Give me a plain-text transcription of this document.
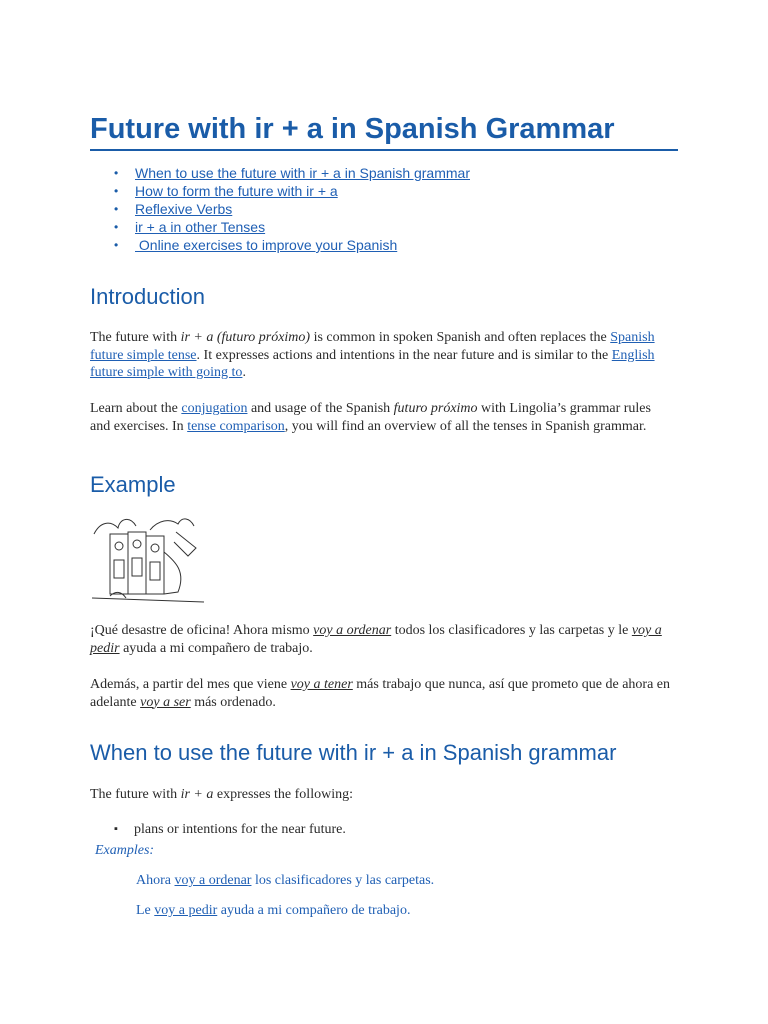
Future with ir + a in Spanish Grammar
• When to use the future with ir + a in Spanish grammar
• How to form the future with ir + a
• Reflexive Verbs
• ir + a in other Tenses
•  Online exercises to improve your Spanish
Introduction

The future with ir + a (futuro próximo) is common in spoken Spanish and often replaces the Spanish future simple tense. It expresses actions and intentions in the near future and is similar to the English future simple with going to.

Learn about the conjugation and usage of the Spanish futuro próximo with Lingolia’s grammar rules and exercises. In tense comparison, you will find an overview of all the tenses in Spanish grammar.

Example

¡Qué desastre de oficina! Ahora mismo voy a ordenar todos los clasificadores y las carpetas y le voy a pedir ayuda a mi compañero de trabajo.

Además, a partir del mes que viene voy a tener más trabajo que nunca, así que prometo que de ahora en adelante voy a ser más ordenado.

When to use the future with ir + a in Spanish grammar

The future with ir + a expresses the following:

▪ plans or intentions for the near future.
Examples:
Ahora voy a ordenar los clasificadores y las carpetas.
Le voy a pedir ayuda a mi compañero de trabajo.
